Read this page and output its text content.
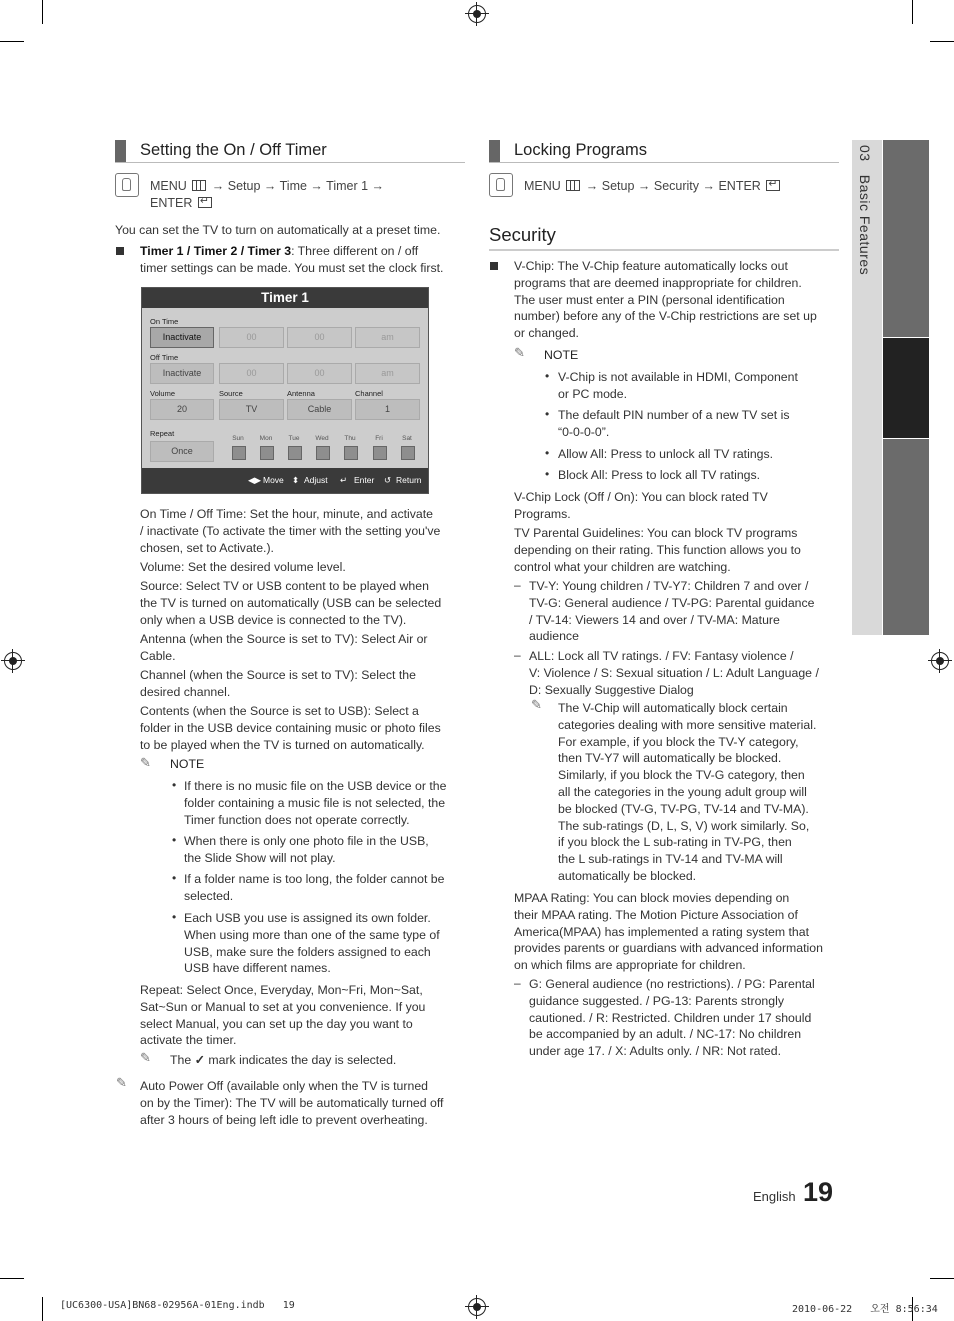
03   Basic Features
Setting the On / Off Timer
MENU → Setup → Time → Timer 1 →
ENTER ↵
You can set the TV to turn on automatically at a preset time.
Timer 1 / Timer 2 / Timer 3: Three different on / off
timer settings can be made. You must set the clock first.
Timer 1
On Time
Inactivate	00	00	am
Off Time
Inactivate	00	00	am
Volume	Source	Antenna	Channel
20	TV	Cable	1
Repeat
Once
Sun	Mon	Tue	Wed	Thu	Fri	Sat
◀▶ Move ⬍ Adjust ↵ Enter ↺ Return
On Time / Off Time: Set the hour, minute, and activate
/ inactivate (To activate the timer with the setting you've
chosen, set to Activate.).
Volume: Set the desired volume level.
Source: Select TV or USB content to be played when
the TV is turned on automatically (USB can be selected
only when a USB device is connected to the TV).
Antenna (when the Source is set to TV): Select Air or
Cable.
Channel (when the Source is set to TV): Select the
desired channel.
Contents (when the Source is set to USB): Select a
folder in the USB device containing music or photo files
to be played when the TV is turned on automatically.
✎ NOTE
• If there is no music file on the USB device or the
folder containing a music file is not selected, the
Timer function does not operate correctly.
• When there is only one photo file in the USB,
the Slide Show will not play.
• If a folder name is too long, the folder cannot be
selected.
• Each USB you use is assigned its own folder.
When using more than one of the same type of
USB, make sure the folders assigned to each
USB have different names.
Repeat: Select Once, Everyday, Mon~Fri, Mon~Sat,
Sat~Sun or Manual to set at you convenience. If you
select Manual, you can set up the day you want to
activate the timer.
✎ The ✓ mark indicates the day is selected.
✎ Auto Power Off (available only when the TV is turned
on by the Timer): The TV will be automatically turned off
after 3 hours of being left idle to prevent overheating.
Locking Programs
MENU → Setup → Security → ENTER ↵
Security
V-Chip: The V-Chip feature automatically locks out
programs that are deemed inappropriate for children.
The user must enter a PIN (personal identification
number) before any of the V-Chip restrictions are set up
or changed.
✎ NOTE
• V-Chip is not available in HDMI, Component
or PC mode.
• The default PIN number of a new TV set is
“0-0-0-0”.
• Allow All: Press to unlock all TV ratings.
• Block All: Press to lock all TV ratings.
V-Chip Lock (Off / On): You can block rated TV
Programs.
TV Parental Guidelines: You can block TV programs
depending on their rating. This function allows you to
control what your children are watching.
– TV-Y: Young children / TV-Y7: Children 7 and over /
TV-G: General audience / TV-PG: Parental guidance
/ TV-14: Viewers 14 and over / TV-MA: Mature
audience
– ALL: Lock all TV ratings. / FV: Fantasy violence /
V: Violence / S: Sexual situation / L: Adult Language /
D: Sexually Suggestive Dialog
✎ The V-Chip will automatically block certain
categories dealing with more sensitive material.
For example, if you block the TV-Y category,
then TV-Y7 will automatically be blocked.
Similarly, if you block the TV-G category, then
all the categories in the young adult group will
be blocked (TV-G, TV-PG, TV-14 and TV-MA).
The sub-ratings (D, L, S, V) work similarly. So,
if you block the L sub-rating in TV-PG, then
the L sub-ratings in TV-14 and TV-MA will
automatically be blocked.
MPAA Rating: You can block movies depending on
their MPAA rating. The Motion Picture Association of
America(MPAA) has implemented a rating system that
provides parents or guardians with advanced information
on which films are appropriate for children.
– G: General audience (no restrictions). / PG: Parental
guidance suggested. / PG-13: Parents strongly
cautioned. / R: Restricted. Children under 17 should
be accompanied by an adult. / NC-17: No children
under age 17. / X: Adults only. / NR: Not rated.
English 19
[UC6300-USA]BN68-02956A-01Eng.indb   19	2010-06-22   오전 8:56:34
